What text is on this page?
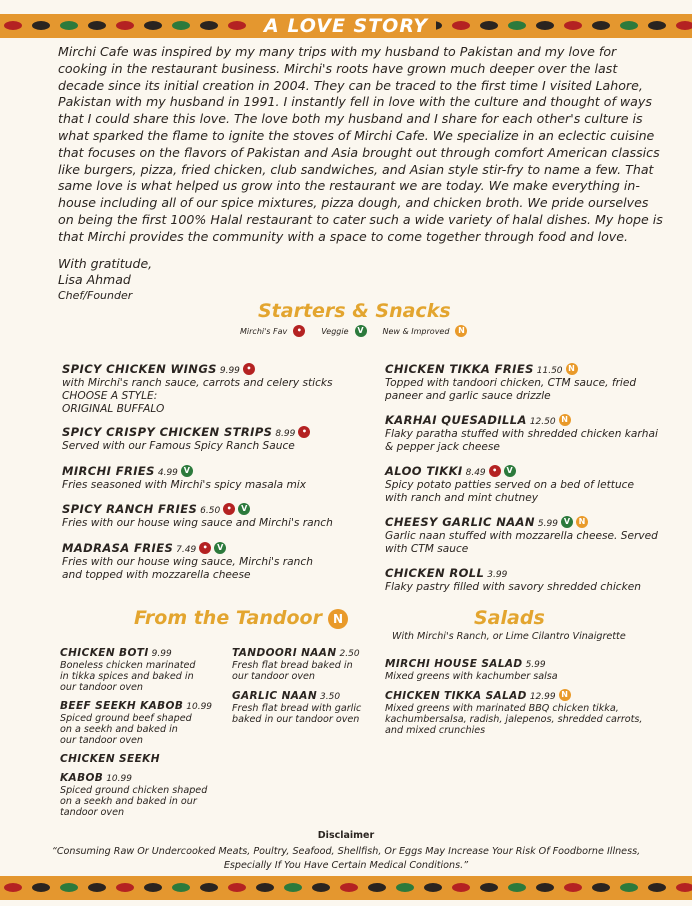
A LOVE STORY

Mirchi Cafe was inspired by my many trips with my husband to Pakistan and my love for cooking in the restaurant business. Mirchi's roots have grown much deeper over the last decade since its initial creation in 2004. They can be traced to the first time I visited Lahore, Pakistan with my husband in 1991. I instantly fell in love with the culture and thought of ways that I could share this love. The love both my husband and I share for each other's culture is what sparked the flame to ignite the stoves of Mirchi Cafe. We specialize in an eclectic cuisine that focuses on the flavors of Pakistan and Asia brought out through comfort American classics like burgers, pizza, fried chicken, club sandwiches, and Asian style stir-fry to name a few. That same love is what helped us grow into the restaurant we are today. We make everything in-house including all of our spice mixtures, pizza dough, and chicken broth. We pride ourselves on being the first 100% Halal restaurant to cater such a wide variety of halal dishes. My hope is that Mirchi provides the community with a space to come together through food and love.

With gratitude,
Lisa Ahmad
Chef/Founder
Starters & Snacks
Mirchi's Fav	•	Veggie	V	New & Improved	N
SPICY CHICKEN WINGS 9.99 •
with Mirchi's ranch sauce, carrots and celery sticks
CHOOSE A STYLE:
ORIGINAL BUFFALO
SPICY CRISPY CHICKEN STRIPS 8.99 •
Served with our Famous Spicy Ranch Sauce
MIRCHI FRIES 4.99 V
Fries seasoned with Mirchi's spicy masala mix
SPICY RANCH FRIES 6.50 • V
Fries with our house wing sauce and Mirchi's ranch
MADRASA FRIES 7.49 • V
Fries with our house wing sauce, Mirchi's ranch
and topped with mozzarella cheese
CHICKEN TIKKA FRIES 11.50 N
Topped with tandoori chicken, CTM sauce, fried
paneer and garlic sauce drizzle
KARHAI QUESADILLA 12.50 N
Flaky paratha stuffed with shredded chicken karhai
& pepper jack cheese
ALOO TIKKI 8.49 • V
Spicy potato patties served on a bed of lettuce
with ranch and mint chutney
CHEESY GARLIC NAAN 5.99 V N
Garlic naan stuffed with mozzarella cheese. Served
with CTM sauce
CHICKEN ROLL 3.99
Flaky pastry filled with savory shredded chicken
From the Tandoor N
CHICKEN BOTI 9.99
Boneless chicken marinated
in tikka spices and baked in
our tandoor oven
BEEF SEEKH KABOB 10.99
Spiced ground beef shaped
on a seekh and baked in
our tandoor oven
CHICKEN SEEKH KABOB 10.99
Spiced ground chicken shaped
on a seekh and baked in our
tandoor oven
TANDOORI NAAN 2.50
Fresh flat bread baked in
our tandoor oven
GARLIC NAAN 3.50
Fresh flat bread with garlic
baked in our tandoor oven
Salads
With Mirchi's Ranch, or Lime Cilantro Vinaigrette
MIRCHI HOUSE SALAD 5.99
Mixed greens with kachumber salsa
CHICKEN TIKKA SALAD 12.99 N
Mixed greens with marinated BBQ chicken tikka,
kachumbersalsa, radish, jalepenos, shredded carrots,
and mixed crunchies
Disclaimer
“Consuming Raw Or Undercooked Meats, Poultry, Seafood, Shellfish, Or Eggs May Increase Your Risk Of Foodborne Illness, Especially If You Have Certain Medical Conditions.”
